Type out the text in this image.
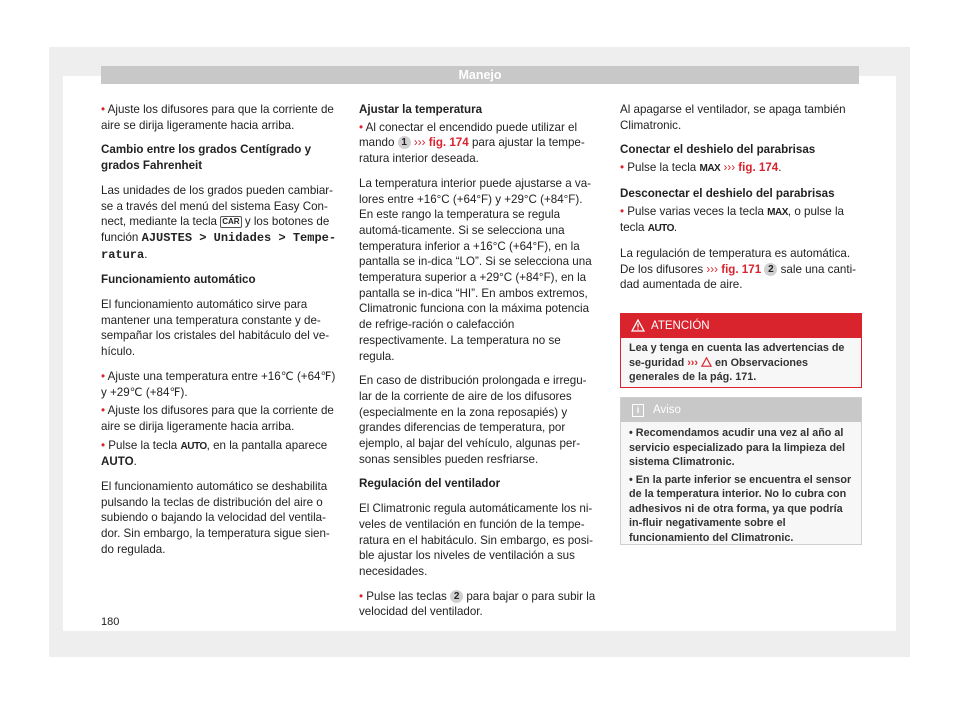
Manejo

• Ajuste los difusores para que la corriente de aire se dirija ligeramente hacia arriba.

Cambio entre los grados Centígrado y grados Fahrenheit

Las unidades de los grados pueden cambiar-se a través del menú del sistema Easy Con-nect, mediante la tecla CAR y los botones de función AJUSTES > Unidades > Tempe-ratura.

Funcionamiento automático

El funcionamiento automático sirve para mantener una temperatura constante y de-sempañar los cristales del habitáculo del ve-hículo.

• Ajuste una temperatura entre +16℃ (+64℉) y +29℃ (+84℉).

• Ajuste los difusores para que la corriente de aire se dirija ligeramente hacia arriba.

• Pulse la tecla AUTO, en la pantalla aparece AUTO.

El funcionamiento automático se deshabilita pulsando la teclas de distribución del aire o subiendo o bajando la velocidad del ventila-dor. Sin embargo, la temperatura sigue sien-do regulada.

Ajustar la temperatura

• Al conectar el encendido puede utilizar el mando 1 ››› fig. 174 para ajustar la tempe-ratura interior deseada.

La temperatura interior puede ajustarse a va-lores entre +16°C (+64°F) y +29°C (+84°F). En este rango la temperatura se regula automá-ticamente. Si se selecciona una temperatura inferior a +16°C (+64°F), en la pantalla se in-dica “LO”. Si se selecciona una temperatura superior a +29°C (+84°F), en la pantalla se in-dica “HI”. En ambos extremos, Climatronic funciona con la máxima potencia de refrige-ración o calefacción respectivamente. La temperatura no se regula.

En caso de distribución prolongada e irregu-lar de la corriente de aire de los difusores (especialmente en la zona reposapiés) y grandes diferencias de temperatura, por ejemplo, al bajar del vehículo, algunas per-sonas sensibles pueden resfriarse.

Regulación del ventilador

El Climatronic regula automáticamente los ni-veles de ventilación en función de la tempe-ratura en el habitáculo. Sin embargo, es posi-ble ajustar los niveles de ventilación a sus necesidades.

• Pulse las teclas 2 para bajar o para subir la velocidad del ventilador.

Al apagarse el ventilador, se apaga también Climatronic.

Conectar el deshielo del parabrisas

• Pulse la tecla MAX ››› fig. 174.

Desconectar el deshielo del parabrisas

• Pulse varias veces la tecla MAX, o pulse la tecla AUTO.

La regulación de temperatura es automática. De los difusores ››› fig. 171 2 sale una canti-dad aumentada de aire.

ATENCIÓN
Lea y tenga en cuenta las advertencias de se-guridad ››› en Observaciones generales de la pág. 171.
i	Aviso

• Recomendamos acudir una vez al año al servicio especializado para la limpieza del sistema Climatronic.

• En la parte inferior se encuentra el sensor de la temperatura interior. No lo cubra con adhesivos ni de otra forma, ya que podría in-fluir negativamente sobre el funcionamiento del Climatronic.

180
